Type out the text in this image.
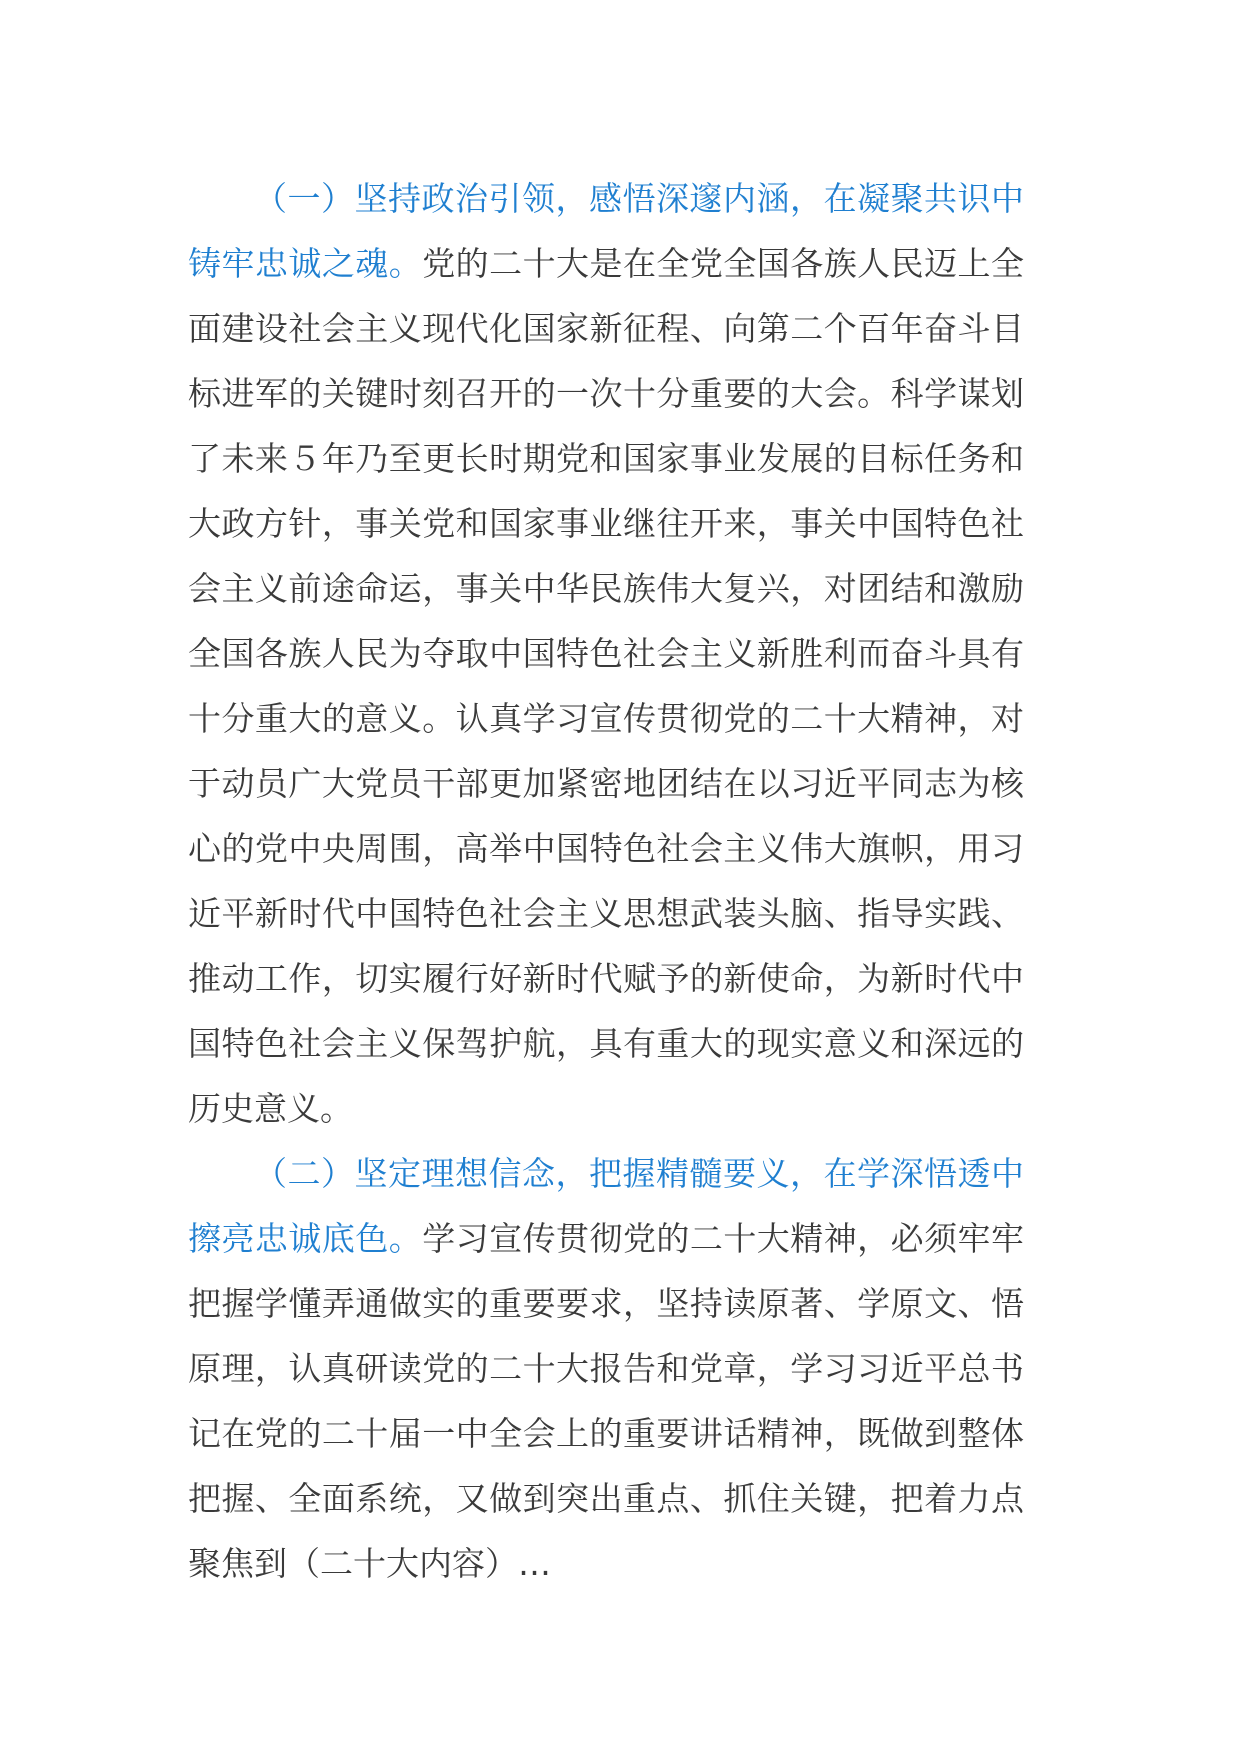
（一）坚持政治引领，感悟深邃内涵，在凝聚共识中铸牢忠诚之魂。党的二十大是在全党全国各族人民迈上全面建设社会主义现代化国家新征程、向第二个百年奋斗目标进军的关键时刻召开的一次十分重要的大会。科学谋划了未来５年乃至更长时期党和国家事业发展的目标任务和大政方针，事关党和国家事业继往开来，事关中国特色社会主义前途命运，事关中华民族伟大复兴，对团结和激励全国各族人民为夺取中国特色社会主义新胜利而奋斗具有十分重大的意义。认真学习宣传贯彻党的二十大精神，对于动员广大党员干部更加紧密地团结在以习近平同志为核心的党中央周围，高举中国特色社会主义伟大旗帜，用习近平新时代中国特色社会主义思想武装头脑、指导实践、推动工作，切实履行好新时代赋予的新使命，为新时代中国特色社会主义保驾护航，具有重大的现实意义和深远的历史意义。

（二）坚定理想信念，把握精髓要义，在学深悟透中擦亮忠诚底色。学习宣传贯彻党的二十大精神，必须牢牢把握学懂弄通做实的重要要求，坚持读原著、学原文、悟原理，认真研读党的二十大报告和党章，学习习近平总书记在党的二十届一中全会上的重要讲话精神，既做到整体把握、全面系统，又做到突出重点、抓住关键，把着力点聚焦到（二十大内容）…
